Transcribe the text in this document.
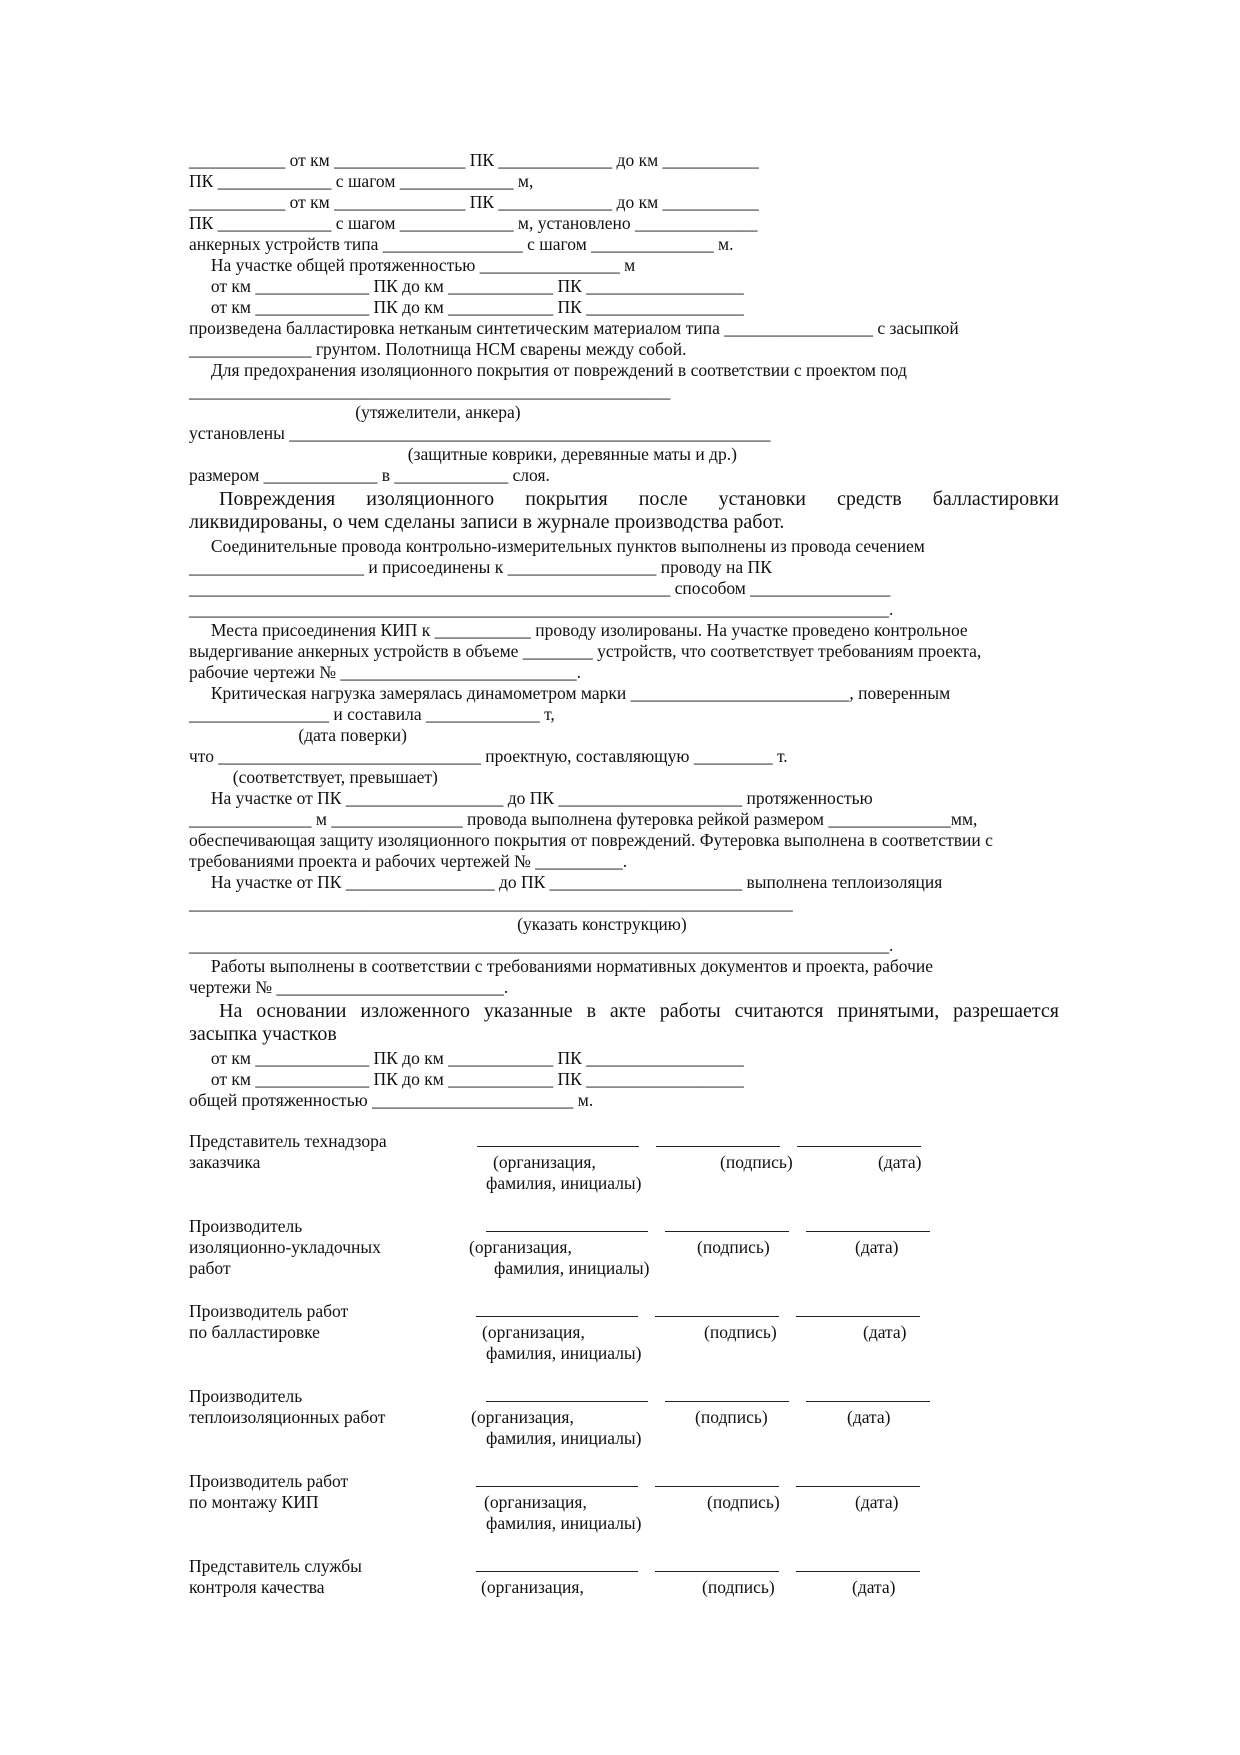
___________ от км _______________ ПК _____________ до км ___________
ПК _____________ с шагом _____________ м,
___________ от км _______________ ПК _____________ до км ___________
ПК _____________ с шагом _____________ м, установлено ______________
анкерных устройств типа ________________ с шагом ______________ м.
На участке общей протяженностью ________________ м
от км _____________ ПК до км ____________ ПК __________________
от км _____________ ПК до км ____________ ПК __________________
произведена балластировка нетканым синтетическим материалом типа _________________ с засыпкой
______________ грунтом. Полотнища НСМ сварены между собой.
Для предохранения изоляционного покрытия от повреждений в соответствии с проектом под
_______________________________________________________
(утяжелители, анкера)
установлены _______________________________________________________
(защитные коврики, деревянные маты и др.)
размером _____________ в _____________ слоя.
Повреждения изоляционного покрытия после установки средств балластировки
ликвидированы, о чем сделаны записи в журнале производства работ.
Соединительные провода контрольно-измерительных пунктов выполнены из провода сечением
____________________ и присоединены к _________________ проводу на ПК
_______________________________________________________ способом ________________
________________________________________________________________________________.
Места присоединения КИП к ___________ проводу изолированы. На участке проведено контрольное
выдергивание анкерных устройств в объеме ________ устройств, что соответствует требованиям проекта,
рабочие чертежи № ___________________________.
Критическая нагрузка замерялась динамометром марки _________________________, поверенным
________________ и составила _____________ т,
(дата поверки)
что ______________________________ проектную, составляющую _________ т.
(соответствует, превышает)
На участке от ПК __________________ до ПК _____________________ протяженностью
______________ м _______________ провода выполнена футеровка рейкой размером ______________мм,
обеспечивающая защиту изоляционного покрытия от повреждений. Футеровка выполнена в соответствии с
требованиями проекта и рабочих чертежей № __________.
На участке от ПК _________________ до ПК ______________________ выполнена теплоизоляция
_____________________________________________________________________
(указать конструкцию)
________________________________________________________________________________.
Работы выполнены в соответствии с требованиями нормативных документов и проекта, рабочие
чертежи № __________________________.
На основании изложенного указанные в акте работы считаются принятыми, разрешается
засыпка участков
от км _____________ ПК до км ____________ ПК __________________
от км _____________ ПК до км ____________ ПК __________________
общей протяженностью _______________________ м.
Представитель технадзора
заказчика	(организация,	(подпись)	(дата)
фамилия, инициалы)
Производитель
изоляционно-укладочных
работ
(организация,	(подпись)	(дата)
фамилия, инициалы)
Производитель работ
по балластировке	(организация,	(подпись)	(дата)
фамилия, инициалы)
Производитель
теплоизоляционных работ	(организация,	(подпись)	(дата)
фамилия, инициалы)
Производитель работ
по монтажу КИП	(организация,	(подпись)	(дата)
фамилия, инициалы)
Представитель службы
контроля качества	(организация,	(подпись)	(дата)
